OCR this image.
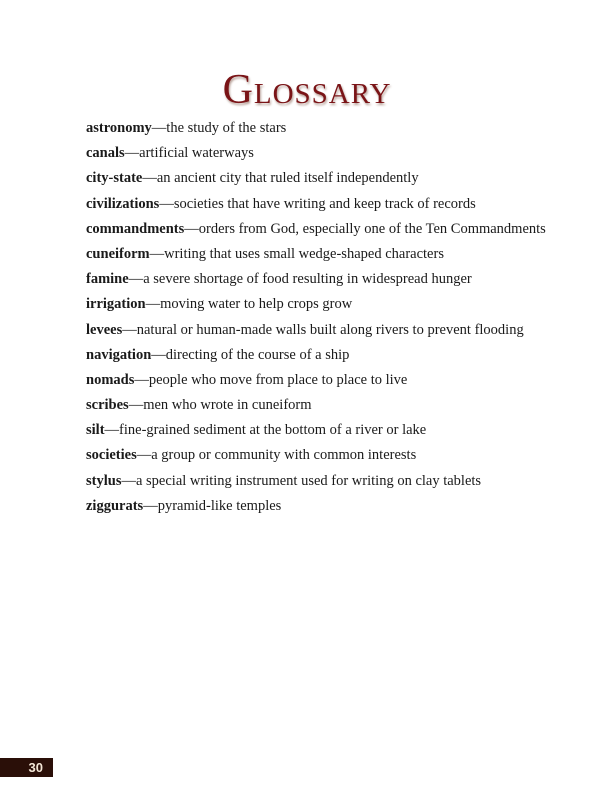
Glossary
astronomy—the study of the stars
canals—artificial waterways
city-state—an ancient city that ruled itself independently
civilizations—societies that have writing and keep track of records
commandments—orders from God, especially one of the Ten Commandments
cuneiform—writing that uses small wedge-shaped characters
famine—a severe shortage of food resulting in widespread hunger
irrigation—moving water to help crops grow
levees—natural or human-made walls built along rivers to prevent flooding
navigation—directing of the course of a ship
nomads—people who move from place to place to live
scribes—men who wrote in cuneiform
silt—fine-grained sediment at the bottom of a river or lake
societies—a group or community with common interests
stylus—a special writing instrument used for writing on clay tablets
ziggurats—pyramid-like temples
30
